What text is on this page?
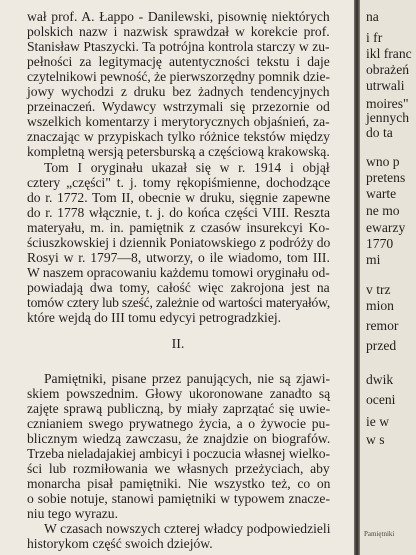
wał prof. A. Łappo - Danilewski, pisownię niektórych
polskich nazw i nazwisk sprawdzał w korekcie prof.
Stanisław Ptaszycki. Ta potrójna kontrola starczy w zu-
pełności za legitymację autentyczności tekstu i daje
czytelnikowi pewność, że pierwszorzędny pomnik dzie-
jowy wychodzi z druku bez żadnych tendencyjnych
przeinaczeń. Wydawcy wstrzymali się przezornie od
wszelkich komentarzy i merytorycznych objaśnień, za-
znaczając w przypiskach tylko różnice tekstów między
kompletną wersją petersburską a częściową krakowską.
Tom I oryginału ukazał się w r. 1914 i objął
cztery „części" t. j. tomy rękopiśmienne, dochodzące
do r. 1772. Tom II, obecnie w druku, sięgnie zapewne
do r. 1778 włącznie, t. j. do końca części VIII. Reszta
materyału, m. in. pamiętnik z czasów insurekcyi Ko-
ściuszkowskiej i dziennik Poniatowskiego z podróży do
Rosyi w r. 1797—8, utworzy, o ile wiadomo, tom III.
W naszem opracowaniu każdemu tomowi oryginału od-
powiadają dwa tomy, całość więc zakrojona jest na
tomów cztery lub sześć, zależnie od wartości materyałów,
które wejdą do III tomu edycyi petrogradzkiej.
II.
Pamiętniki, pisane przez panujących, nie są zjawi-
skiem powszednim. Głowy ukoronowane zanadto są
zajęte sprawą publiczną, by miały zaprzątać się uwie-
cznianiem swego prywatnego życia, a o żywocie pu-
blicznym wiedzą zawczasu, że znajdzie on biografów.
Trzeba nieladajakiej ambicyi i poczucia własnej wielko-
ści lub rozmiłowania we własnych przeżyciach, aby
monarcha pisał pamiętniki. Nie wszystko też, co on
o sobie notuje, stanowi pamiętniki w typowem znacze-
niu tego wyrazu.
W czasach nowszych czterej władcy podpowiedzieli
historykom część swoich dziejów.
na
i fr
ikl franc
obrażeń
utrwali
moires"
jennych
do ta
wno p
pretens
warte
ne mo
ewarzy
1770
mi
v trz
mion
remor
przed
dwik
oceni
ie w
w s
Pamiętniki
